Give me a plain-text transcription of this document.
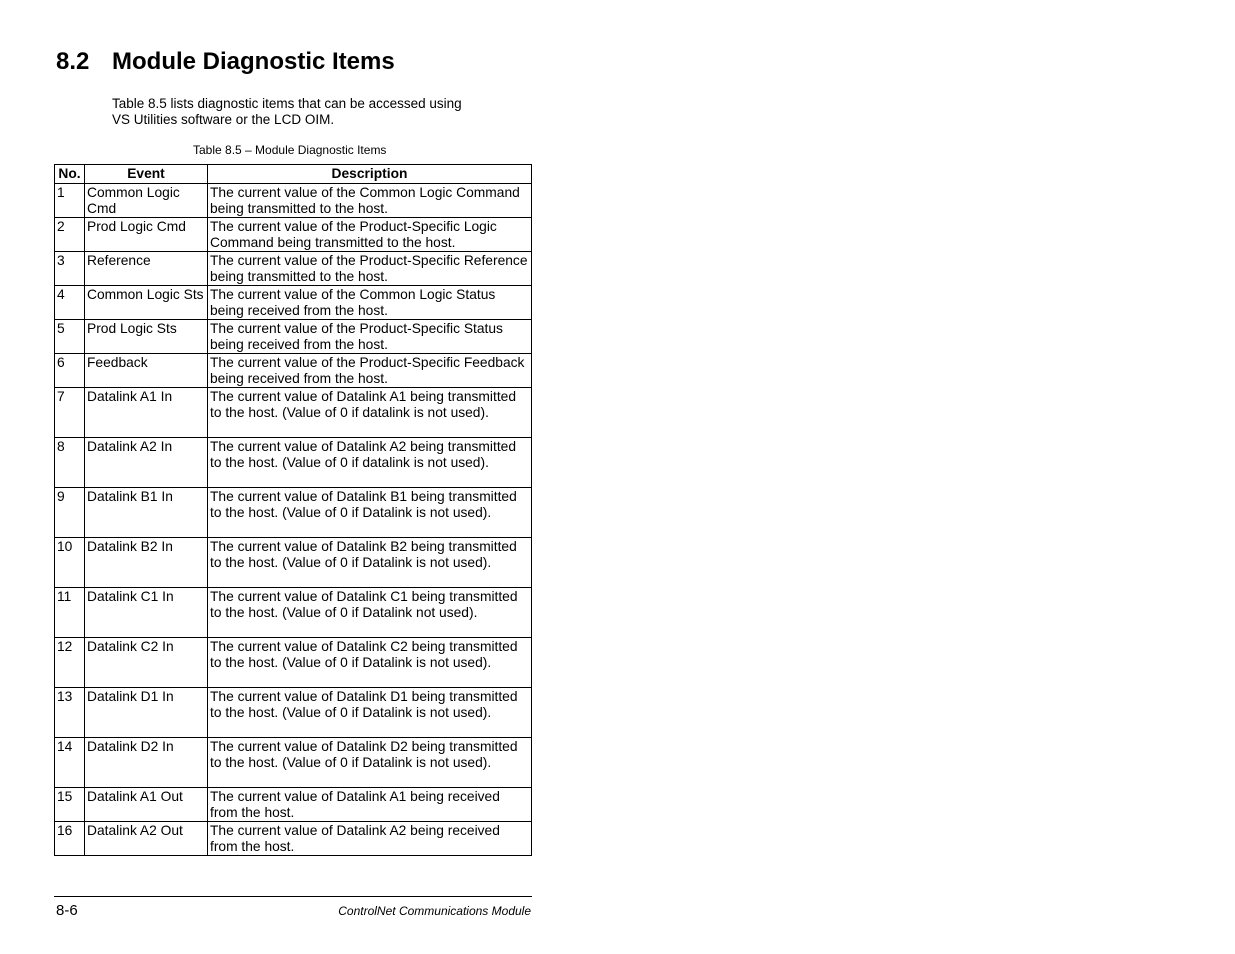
8.2 Module Diagnostic Items
Table 8.5 lists diagnostic items that can be accessed using
VS Utilities software or the LCD OIM.
Table 8.5 – Module Diagnostic Items
No.	Event	Description
1	Common Logic Cmd	The current value of the Common Logic Command being transmitted to the host.
2	Prod Logic Cmd	The current value of the Product-Specific Logic Command being transmitted to the host.
3	Reference	The current value of the Product-Specific Reference being transmitted to the host.
4	Common Logic Sts	The current value of the Common Logic Status being received from the host.
5	Prod Logic Sts	The current value of the Product-Specific Status being received from the host.
6	Feedback	The current value of the Product-Specific Feedback being received from the host.
7	Datalink A1 In	The current value of Datalink A1 being transmitted to the host. (Value of 0 if datalink is not used).
8	Datalink A2 In	The current value of Datalink A2 being transmitted to the host. (Value of 0 if datalink is not used).
9	Datalink B1 In	The current value of Datalink B1 being transmitted to the host. (Value of 0 if Datalink is not used).
10	Datalink B2 In	The current value of Datalink B2 being transmitted to the host. (Value of 0 if Datalink is not used).
11	Datalink C1 In	The current value of Datalink C1 being transmitted to the host. (Value of 0 if Datalink not used).
12	Datalink C2 In	The current value of Datalink C2 being transmitted to the host. (Value of 0 if Datalink is not used).
13	Datalink D1 In	The current value of Datalink D1 being transmitted to the host. (Value of 0 if Datalink is not used).
14	Datalink D2 In	The current value of Datalink D2 being transmitted to the host. (Value of 0 if Datalink is not used).
15	Datalink A1 Out	The current value of Datalink A1 being received from the host.
16	Datalink A2 Out	The current value of Datalink A2 being received from the host.
8-6	ControlNet Communications Module
